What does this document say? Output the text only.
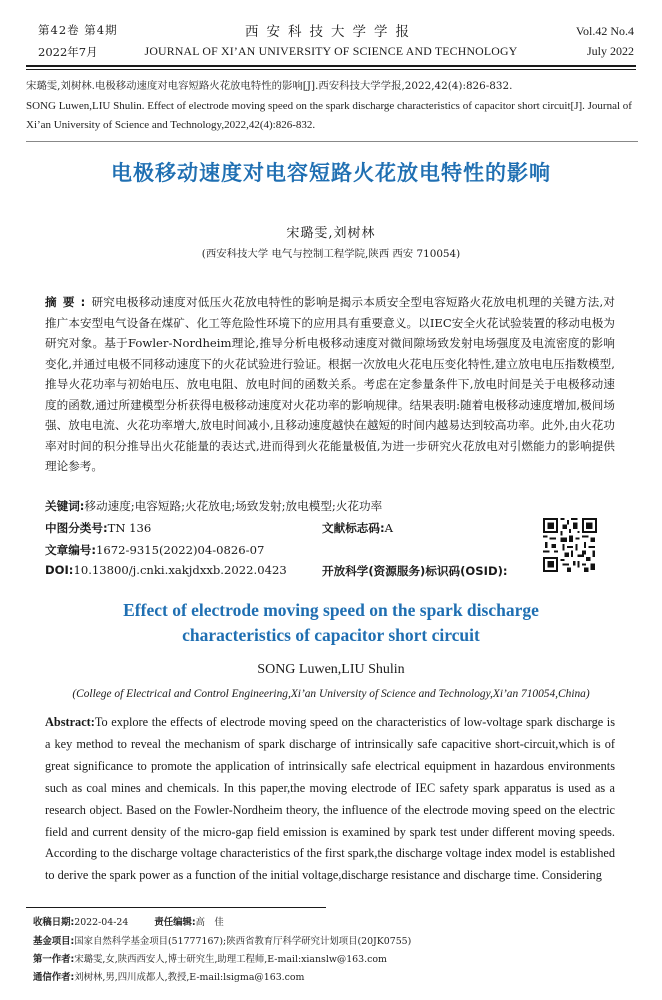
第42卷 第4期
2022年7月
西安科技大学学报
JOURNAL OF XI’AN UNIVERSITY OF SCIENCE AND TECHNOLOGY
Vol.42 No.4
July 2022
宋璐雯,刘树林.电极移动速度对电容短路火花放电特性的影响[J].西安科技大学学报,2022,42(4):826-832.
SONG Luwen,LIU Shulin. Effect of electrode moving speed on the spark discharge characteristics of capacitor short circuit[J]. Journal of Xi’an University of Science and Technology,2022,42(4):826-832.
电极移动速度对电容短路火花放电特性的影响
宋璐雯,刘树林
(西安科技大学 电气与控制工程学院,陕西 西安 710054)
摘要:研究电极移动速度对低压火花放电特性的影响是揭示本质安全型电容短路火花放电机理的关键方法,对推广本安型电气设备在煤矿、化工等危险性环境下的应用具有重要意义。以IEC安全火花试验装置的移动电极为研究对象。基于Fowler-Nordheim理论,推导分析电极移动速度对微间隙场致发射电场强度及电流密度的影响变化,并通过电极不同移动速度下的火花试验进行验证。根据一次放电火花电压变化特性,建立放电电压指数模型,推导火花功率与初始电压、放电电阻、放电时间的函数关系。考虑在定参量条件下,放电时间是关于电极移动速度的函数,通过所建模型分析获得电极移动速度对火花功率的影响规律。结果表明:随着电极移动速度增加,极间场强、放电电流、火花功率增大,放电时间减小,且移动速度越快在越短的时间内越易达到较高功率。此外,由火花功率对时间的积分推导出火花能量的表达式,进而得到火花能量极值,为进一步研究火花放电对引燃能力的影响提供理论参考。
关键词:移动速度;电容短路;火花放电;场致发射;放电模型;火花功率
中图分类号:TN 136	文献标志码:A
文章编号:1672-9315(2022)04-0826-07
DOI:10.13800/j.cnki.xakjdxxb.2022.0423	开放科学(资源服务)标识码(OSID):
Effect of electrode moving speed on the spark discharge
characteristics of capacitor short circuit
SONG Luwen,LIU Shulin
(College of Electrical and Control Engineering,Xi’an University of Science and Technology,Xi’an 710054,China)
Abstract:To explore the effects of electrode moving speed on the characteristics of low-voltage spark discharge is a key method to reveal the mechanism of spark discharge of intrinsically safe capacitive short-circuit,which is of great significance to promote the application of intrinsically safe electrical equipment in hazardous environments such as coal mines and chemicals. In this paper,the moving electrode of IEC safety spark apparatus is used as a research object. Based on the Fowler-Nordheim theory, the influence of the electrode moving speed on the electric field and current density of the micro-gap field emission is examined by spark test under different moving speeds. According to the discharge voltage characteristics of the first spark,the discharge voltage index model is established to derive the spark power as a function of the initial voltage,discharge resistance and discharge time. Considering
收稿日期:2022-04-24	责任编辑:高　佳
基金项目:国家自然科学基金项目(51777167);陕西省教育厅科学研究计划项目(20JK0755)
第一作者:宋璐雯,女,陕西西安人,博士研究生,助理工程师,E-mail:xianslw@163.com
通信作者:刘树林,男,四川成都人,教授,E-mail:lsigma@163.com
